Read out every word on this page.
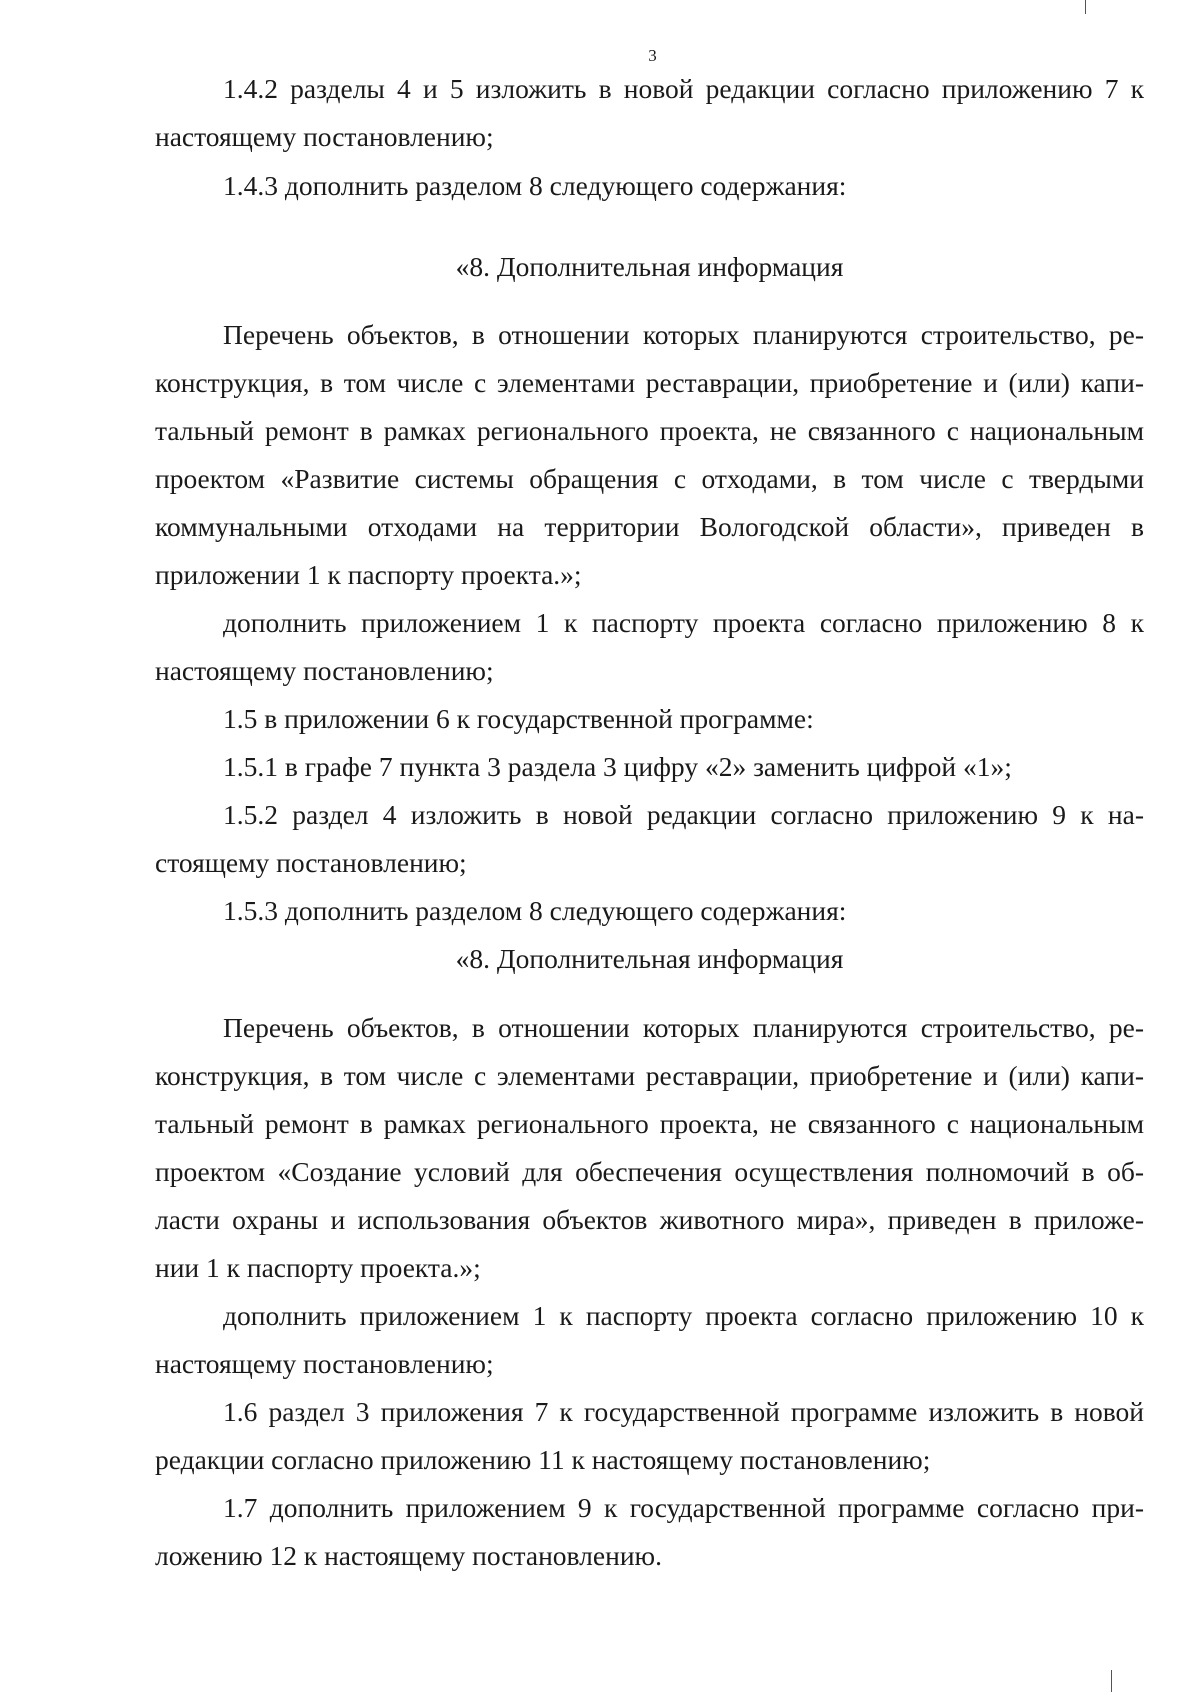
3
1.4.2 разделы 4 и 5 изложить в новой редакции согласно приложению 7 к
настоящему постановлению;
1.4.3 дополнить разделом 8 следующего содержания:
«8. Дополнительная информация
Перечень объектов, в отношении которых планируются строительство, ре-
конструкция, в том числе с элементами реставрации, приобретение и (или) капи-
тальный ремонт в рамках регионального проекта, не связанного с национальным
проектом «Развитие системы обращения с отходами, в том числе с твердыми
коммунальными отходами на территории Вологодской области», приведен в
приложении 1 к паспорту проекта.»;
дополнить приложением 1 к паспорту проекта согласно приложению 8 к
настоящему постановлению;
1.5 в приложении 6 к государственной программе:
1.5.1 в графе 7 пункта 3 раздела 3 цифру «2» заменить цифрой «1»;
1.5.2 раздел 4 изложить в новой редакции согласно приложению 9 к на-
стоящему постановлению;
1.5.3 дополнить разделом 8 следующего содержания:
«8. Дополнительная информация
Перечень объектов, в отношении которых планируются строительство, ре-
конструкция, в том числе с элементами реставрации, приобретение и (или) капи-
тальный ремонт в рамках регионального проекта, не связанного с национальным
проектом «Создание условий для обеспечения осуществления полномочий в об-
ласти охраны и использования объектов животного мира», приведен в приложе-
нии 1 к паспорту проекта.»;
дополнить приложением 1 к паспорту проекта согласно приложению 10 к
настоящему постановлению;
1.6 раздел 3 приложения 7 к государственной программе изложить в новой
редакции согласно приложению 11 к настоящему постановлению;
1.7 дополнить приложением 9 к государственной программе согласно при-
ложению 12 к настоящему постановлению.
